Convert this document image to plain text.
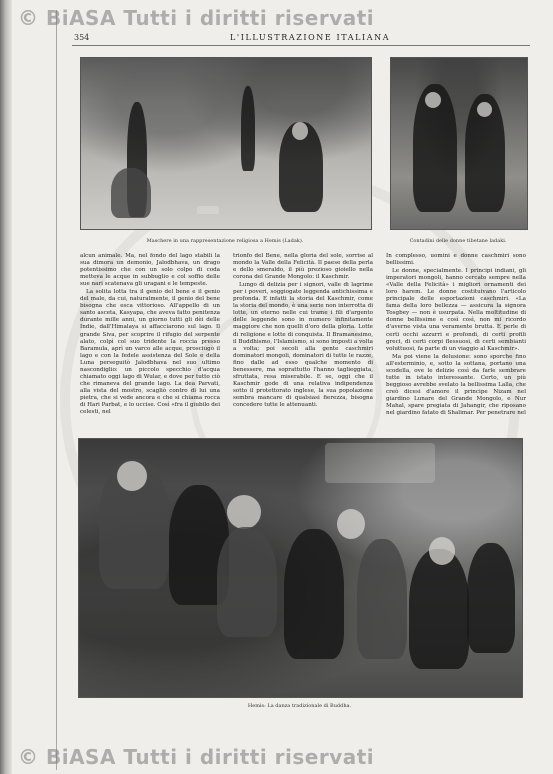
© BiASA Tutti i diritti riservati
354	L'ILLUSTRAZIONE ITALIANA
Maschere in una rappresentazione religiosa a Hemis (Ladak).	Contadini delle donne tibetane ladaki.

alcun animale. Ma, nel fondo del lago stabili la sua dimora un demonio, Jalodbhava, un drago potentissimo che con un solo colpo di coda metteva le acque in subbuglio e col soffio delle sue nari scatenava gli uragani e le tempeste.

La solita lotta tra il genio del bene e il genio del male, da cui, naturalmente, il genio del bene bisogna che esca vittorioso. All'appello di un santo asceta, Kasyapa, che aveva fatto penitenza durante mille anni, un giorno tutti gli dèi delle Indie, dall'Himalaya si affacciarono sul lago. Il grande Siva, per scoprire il rifugio del serpente alato, colpì col suo tridente la roccia presso Baramula, aprì un varco alle acque, prosciugò il lago e con la fedele assistenza del Sole e della Luna perseguitò Jalodbhava nel suo ultimo nascondiglio: un piccolo specchio d'acqua chiamato oggi lago di Wular, e dove per tutto ciò che rimaneva del grande lago. La dea Parvati, alla vista del mostro, scagliò contro di lui una pietra, che si vede ancora e che si chiama rocca di Hari Parbat, e lo uccise. Così «fra il giubilo dei celesti, nel

trionfo del Bene, nella gloria del sole, sorrise al mondo la Valle della Felicità. Il paese della perla e dello smeraldo, il più prezioso gioiello nella corona del Grande Mongolo: il Kaschmir.

Lungo di delizia per i signori, valle di lagrime per i poveri, soggiogate leggenda antichissima e profonda. E infatti la storia del Kaschmir, come la storia del mondo, è una serie non interrotta di lotte, un eterno nelle cui trame i fili d'argento delle leggende sono in numero infinitamente maggiore che non quelli d'oro della gloria. Lotte di religione e lotte di conquista. Il Bramanesimo, il Buddhismo, l'Islamismo, si sono imposti a volta a volta; poi secoli alla gente caschmiri dominatori mongoli, dominatori di tutte le razze, fino dalle ad esso qualche momento di benessere, ma soprattutto l'hanno taglieggiata, sfruttata, resa miserabile. E se, oggi che il Kaschmir gode di una relativa indipendenza sotto il protettorato inglese, la sua popolazione sembra mancare di qualsiasi fierezza, bisogna concedere tutte le attenuanti.

In complesso, uomini e donne caschmiri sono bellissimi.

Le donne, specialmente. I principi indiani, gli imperatori mongoli, hanno cercato sempre nella «Valle della Felicità» i migliori ornamenti dei loro harem. Le donne costituivano l'articolo principale delle esportazioni caschmiri. «La fama della loro bellezza — assicura la signora Tosgbey — non è usurpata. Nella moltitudine di donne bellissime e così così, non mi ricordo d'averne vista una veramente brutta. E perle di certi occhi azzurri e profondi, di certi profili greci, di certi corpi flessuosi, di certi sembianti voluttuosi, fa parte di un viaggio al Kaschmir».

Ma poi viene la delusione: sono sporche fino all'esterminio, e, sotto la sottana, portano una scodella, ove le delizie così da farle sembrare tutte in istato interessante. Certo, un più beggioso avrebbe svelato la bellissima Lalla, che creò dicesi d'amore il principe Nizam nel giardino Lunare del Grande Mongolo, e Nur Mahal, spare pregiata di Jahangir, che riposano nel giardino fatato di Shalimar. Per penetrare nel

Hemis: La danza tradizionale di Buddha.
© BiASA Tutti i diritti riservati
